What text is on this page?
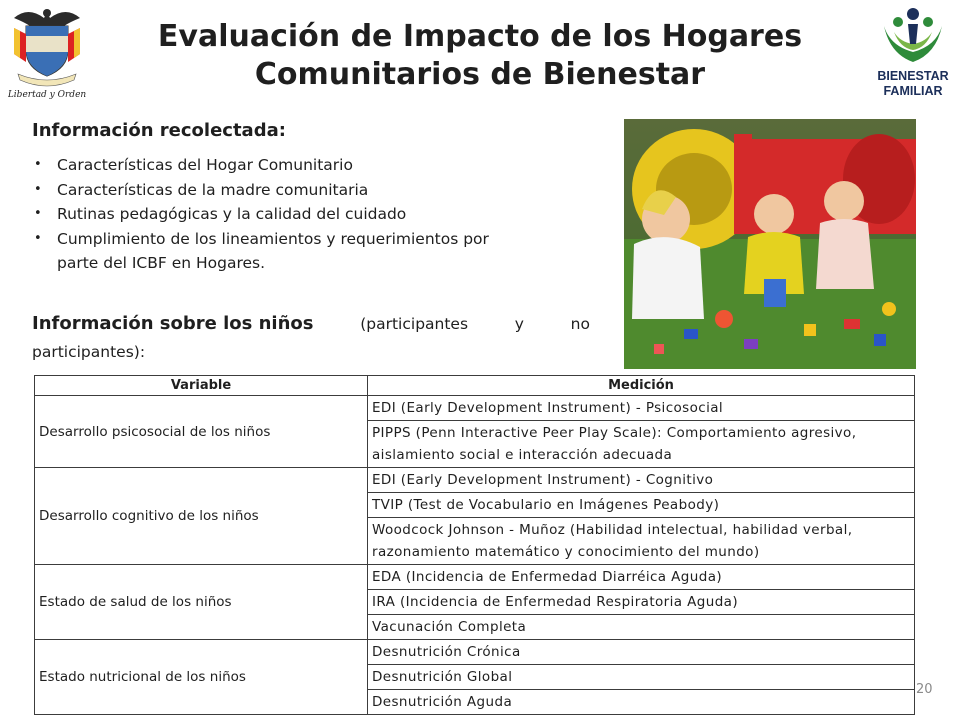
Libertad y Orden
Evaluación de Impacto de los Hogares
Comunitarios de Bienestar	BIENESTAR
FAMILIAR
Información recolectada:
• Características del Hogar Comunitario
• Características de la madre comunitaria
• Rutinas pedagógicas y la calidad del cuidado
• Cumplimiento de los lineamientos y requerimientos por
parte del ICBF en Hogares.
Información sobre los niños	(participantes	y	no
participantes):
Variable	Medición
Desarrollo psicosocial de los niños	EDI (Early Development Instrument) - Psicosocial
	PIPPS (Penn Interactive Peer Play Scale): Comportamiento agresivo, aislamiento social e interacción adecuada
Desarrollo cognitivo de los niños	EDI (Early Development Instrument) - Cognitivo
	TVIP (Test de Vocabulario en Imágenes Peabody)
	Woodcock Johnson - Muñoz (Habilidad intelectual, habilidad verbal, razonamiento matemático y conocimiento del mundo)
Estado de salud de los niños	EDA (Incidencia de Enfermedad Diarréica Aguda)
	IRA (Incidencia de Enfermedad Respiratoria Aguda)
	Vacunación Completa
Estado nutricional de los niños	Desnutrición Crónica
	Desnutrición Global
	Desnutrición Aguda
20
